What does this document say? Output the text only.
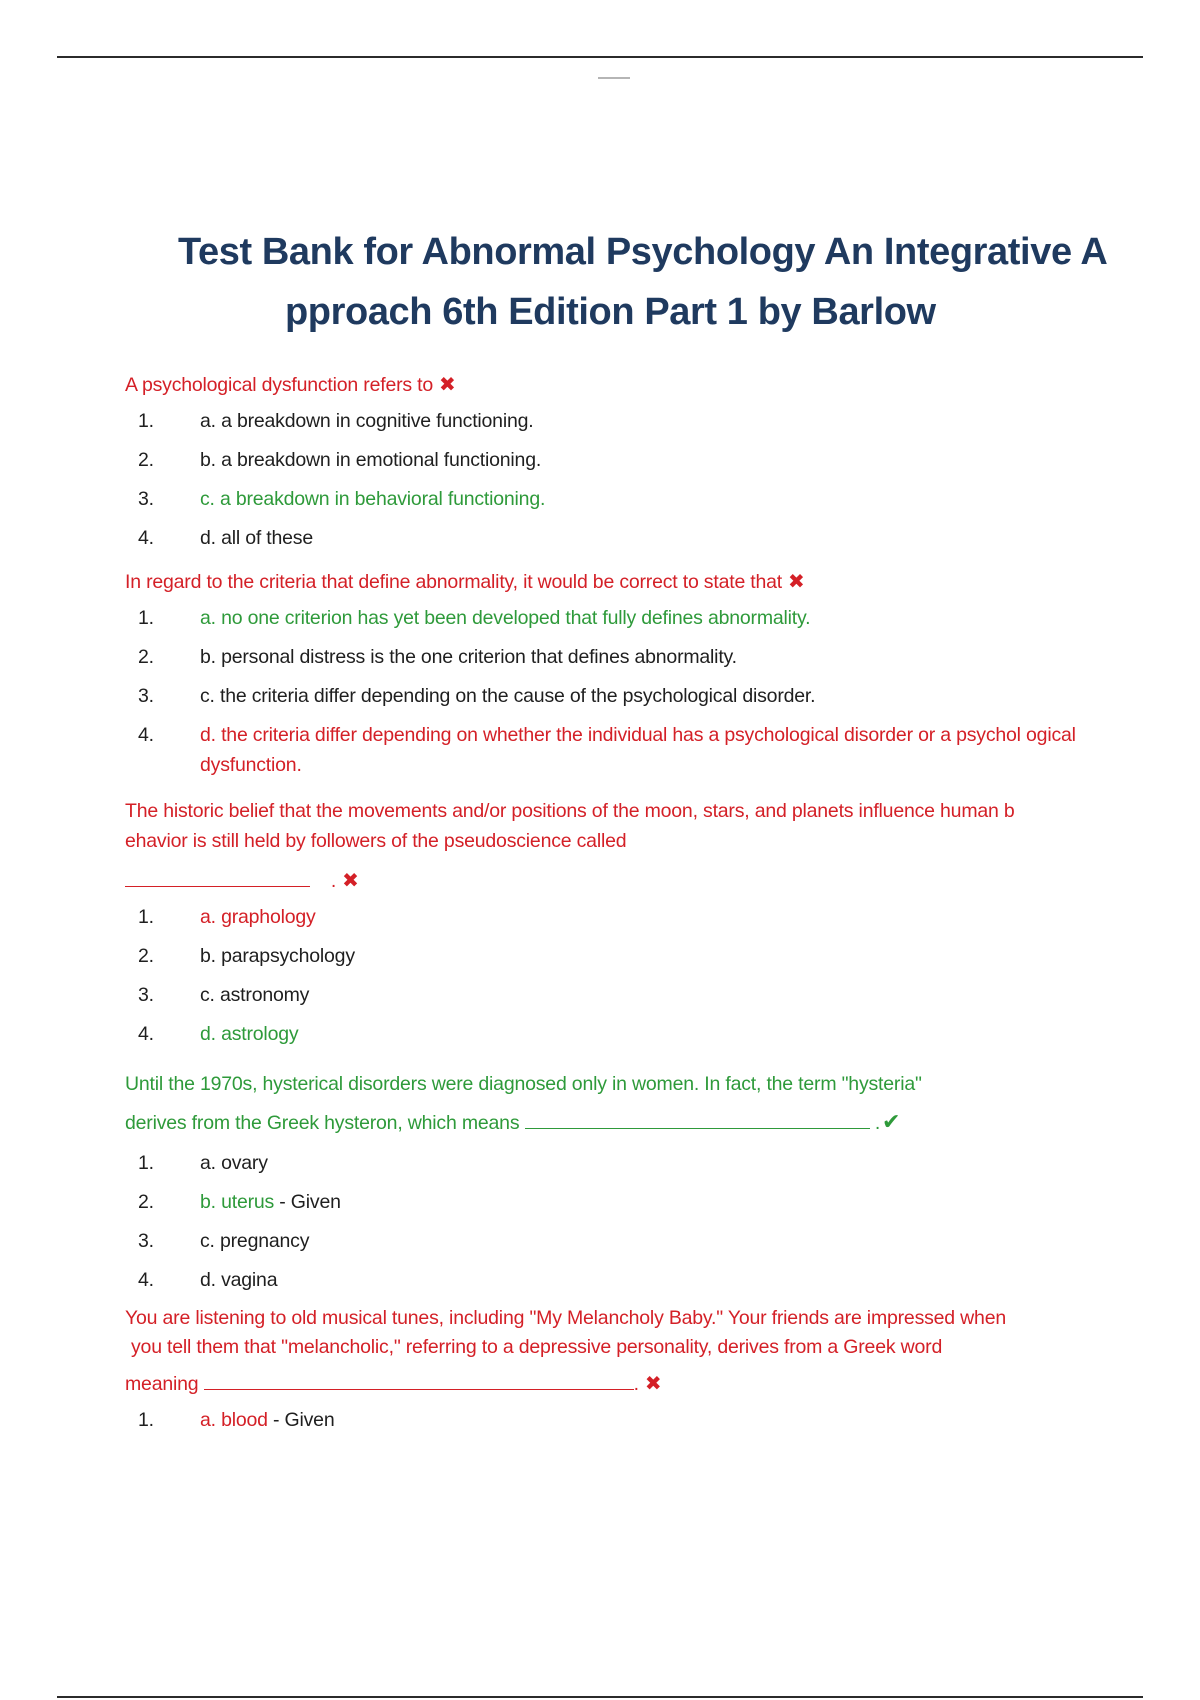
Test Bank for Abnormal Psychology An Integrative A
pproach 6th Edition Part 1 by Barlow

A psychological dysfunction refers to ✖

1.	a. a breakdown in cognitive functioning.
2.	b. a breakdown in emotional functioning.
3.	c. a breakdown in behavioral functioning.
4.	d. all of these

In regard to the criteria that define abnormality, it would be correct to state that ✖

1.	a. no one criterion has yet been developed that fully defines abnormality.
2.	b. personal distress is the one criterion that defines abnormality.
3.	c. the criteria differ depending on the cause of the psychological disorder.
4.	d. the criteria differ depending on whether the individual has a psychological disorder or a psychol ogical dysfunction.

The historic belief that the movements and/or positions of the moon, stars, and planets influence human b
ehavior is still held by followers of the pseudoscience called

. ✖

1.	a. graphology
2.	b. parapsychology
3.	c. astronomy
4.	d. astrology

Until the 1970s, hysterical disorders were diagnosed only in women. In fact, the term "hysteria"
derives from the Greek hysteron, which means	.✔

1.	a. ovary
2.	b. uterus - Given
3.	c. pregnancy
4.	d. vagina

You are listening to old musical tunes, including "My Melancholy Baby." Your friends are impressed when
you tell them that "melancholic," referring to a depressive personality, derives from a Greek word
meaning	. ✖

1.	a. blood - Given
